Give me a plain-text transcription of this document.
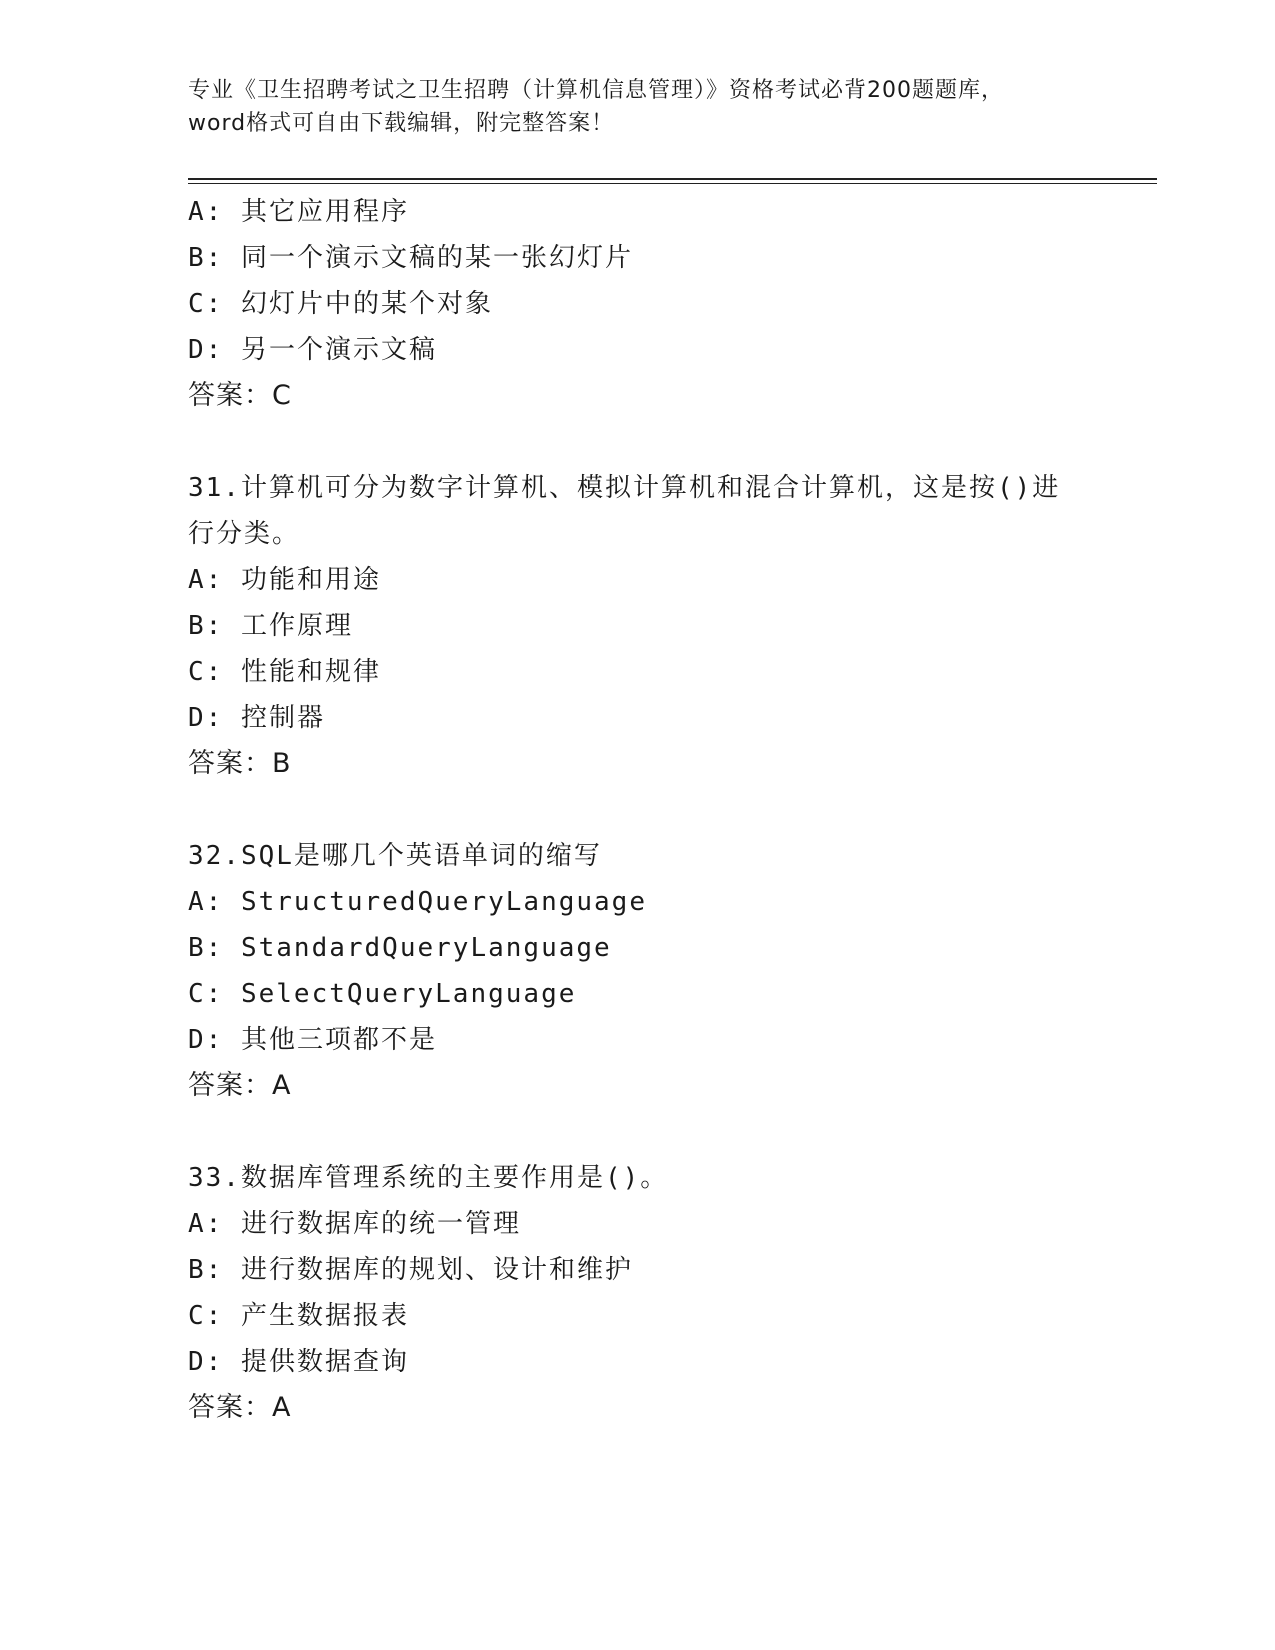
专业《卫生招聘考试之卫生招聘（计算机信息管理）》资格考试必背200题题库，
word格式可自由下载编辑，附完整答案！
A: 其它应用程序
B: 同一个演示文稿的某一张幻灯片
C: 幻灯片中的某个对象
D: 另一个演示文稿
答案：C
31.计算机可分为数字计算机、模拟计算机和混合计算机，这是按()进
行分类。
A: 功能和用途
B: 工作原理
C: 性能和规律
D: 控制器
答案：B
32.SQL是哪几个英语单词的缩写
A: StructuredQueryLanguage
B: StandardQueryLanguage
C: SelectQueryLanguage
D: 其他三项都不是
答案：A
33.数据库管理系统的主要作用是()。
A: 进行数据库的统一管理
B: 进行数据库的规划、设计和维护
C: 产生数据报表
D: 提供数据查询
答案：A
